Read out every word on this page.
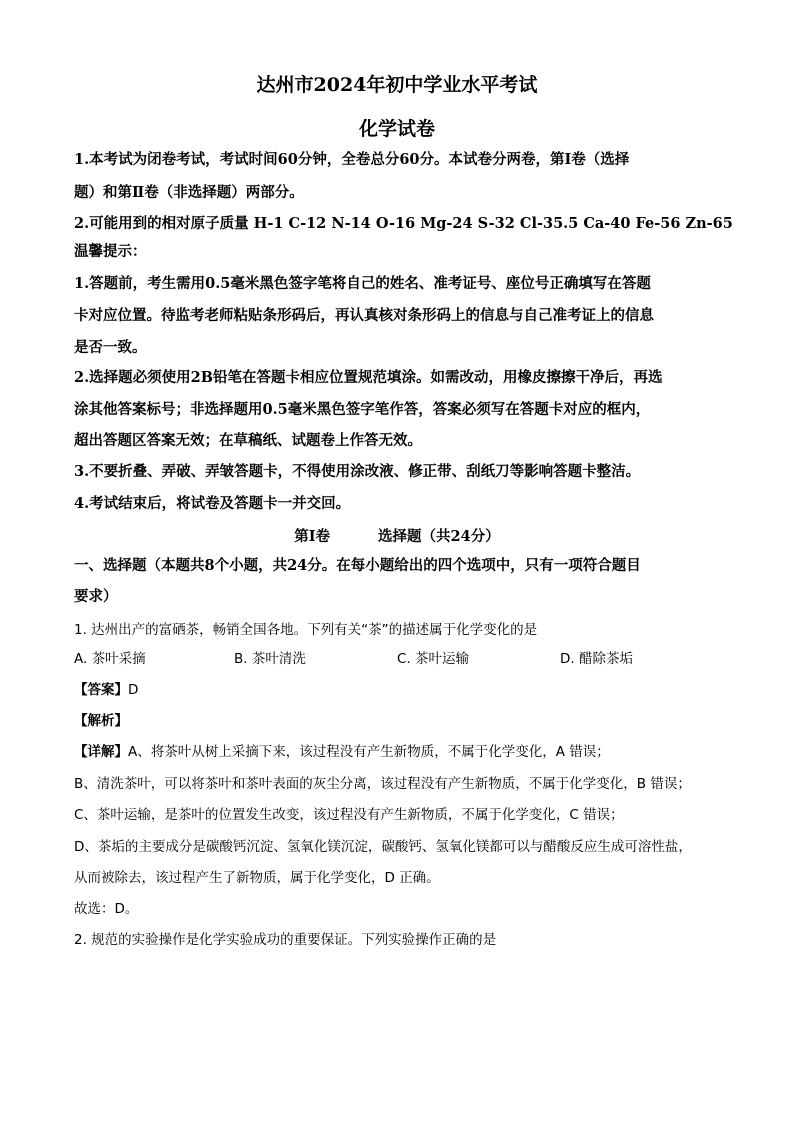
达州市2024年初中学业水平考试
化学试卷
1.本考试为闭卷考试，考试时间60分钟，全卷总分60分。本试卷分两卷，第Ⅰ卷（选择
题）和第Ⅱ卷（非选择题）两部分。
2.可能用到的相对原子质量 H-1 C-12 N-14 O-16 Mg-24 S-32 Cl-35.5 Ca-40 Fe-56 Zn-65
温馨提示：
1.答题前，考生需用0.5毫米黑色签字笔将自己的姓名、准考证号、座位号正确填写在答题
卡对应位置。待监考老师粘贴条形码后，再认真核对条形码上的信息与自己准考证上的信息
是否一致。
2.选择题必须使用2B铅笔在答题卡相应位置规范填涂。如需改动，用橡皮擦擦干净后，再选
涂其他答案标号；非选择题用0.5毫米黑色签字笔作答，答案必须写在答题卡对应的框内，
超出答题区答案无效；在草稿纸、试题卷上作答无效。
3.不要折叠、弄破、弄皱答题卡，不得使用涂改液、修正带、刮纸刀等影响答题卡整洁。
4.考试结束后，将试卷及答题卡一并交回。
第Ⅰ卷	选择题（共24分）
一、选择题（本题共8个小题，共24分。在每小题给出的四个选项中，只有一项符合题目
要求）
1. 达州出产的富硒茶，畅销全国各地。下列有关“茶”的描述属于化学变化的是
A. 茶叶采摘	B. 茶叶清洗	C. 茶叶运输	D. 醋除茶垢
【答案】D
【解析】
【详解】A、将茶叶从树上采摘下来，该过程没有产生新物质，不属于化学变化，A 错误；
B、清洗茶叶，可以将茶叶和茶叶表面的灰尘分离，该过程没有产生新物质，不属于化学变化，B 错误；
C、茶叶运输，是茶叶的位置发生改变，该过程没有产生新物质，不属于化学变化，C 错误；
D、茶垢的主要成分是碳酸钙沉淀、氢氧化镁沉淀，碳酸钙、氢氧化镁都可以与醋酸反应生成可溶性盐，
从而被除去，该过程产生了新物质，属于化学变化，D 正确。
故选：D。
2. 规范的实验操作是化学实验成功的重要保证。下列实验操作正确的是
